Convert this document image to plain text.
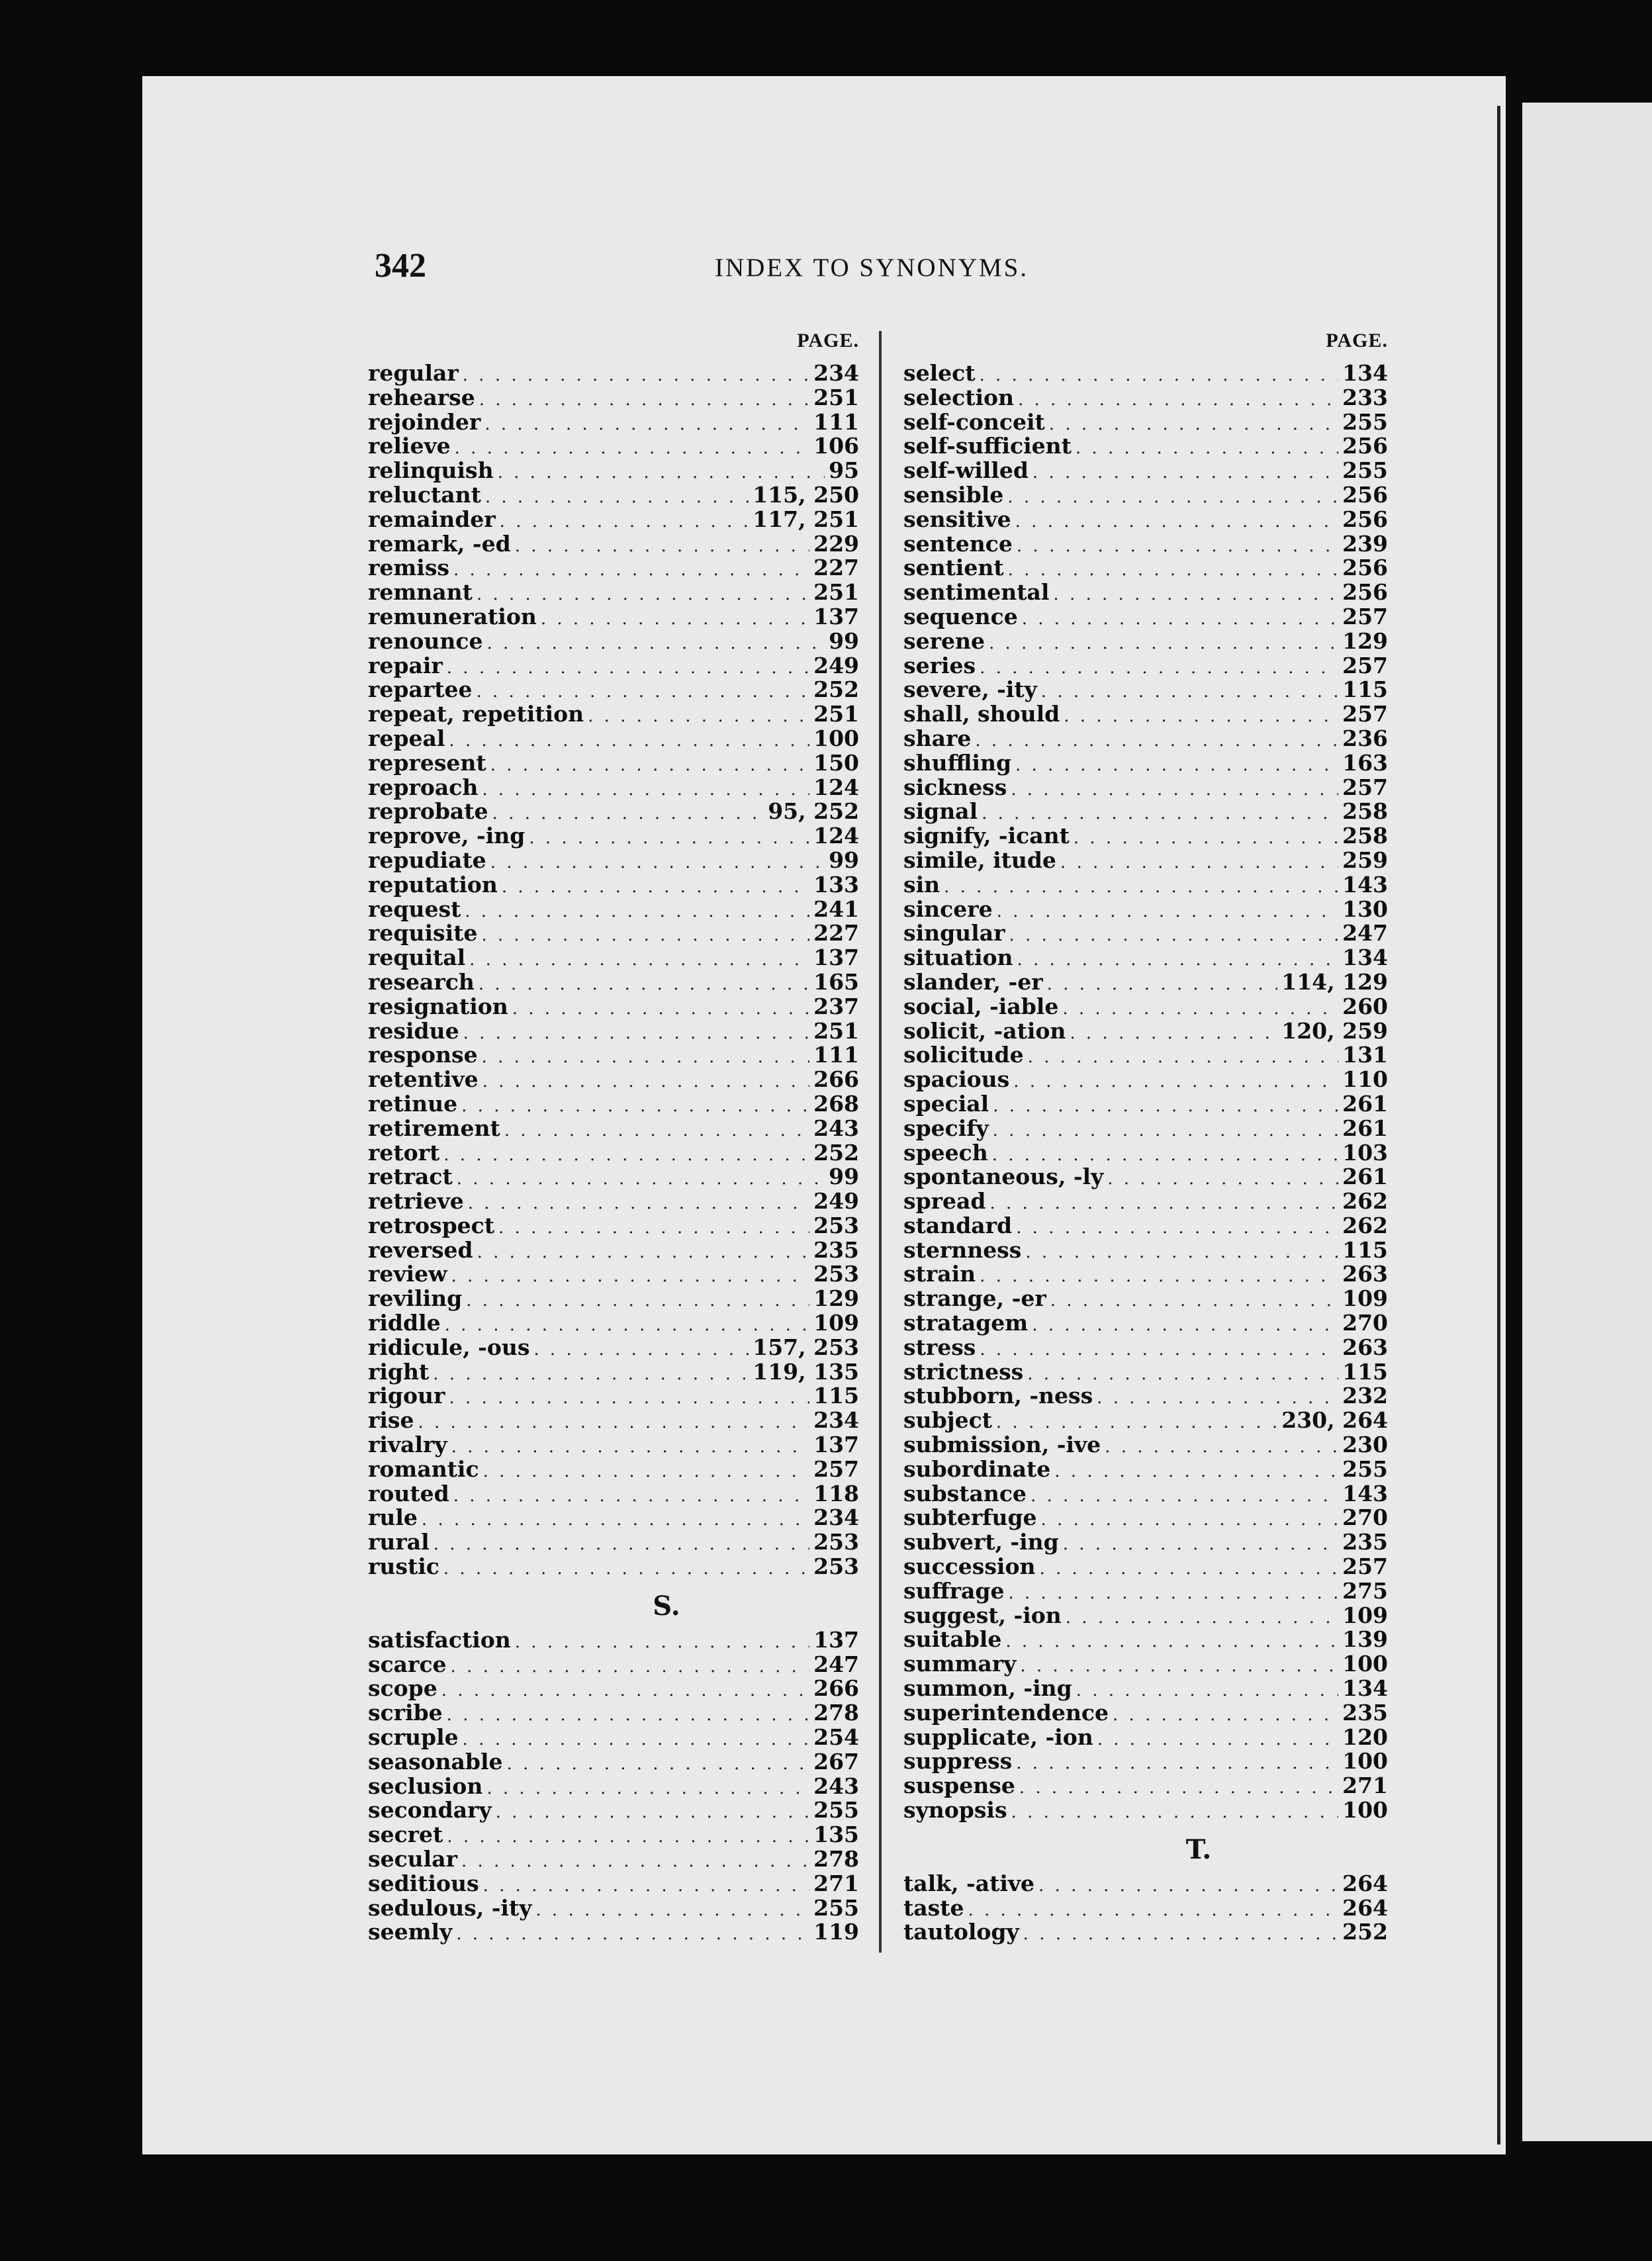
342	INDEX TO SYNONYMS.
PAGE.
regular . . .	234
rehearse . . .	251
rejoinder . . .	111
relieve . . .	106
relinquish . . .	95
reluctant . . .	115, 250
remainder . . .	117, 251
remark, -ed . . .	229
remiss . . .	227
remnant . . .	251
remuneration . . .	137
renounce . . .	99
repair . . .	249
repartee . . .	252
repeat, repetition . . .	251
repeal . . .	100
represent . . .	150
reproach . . .	124
reprobate . . .	95, 252
reprove, -ing . . .	124
repudiate . . .	99
reputation . . .	133
request . . .	241
requisite . . .	227
requital . . .	137
research . . .	165
resignation . . .	237
residue . . .	251
response . . .	111
retentive . . .	266
retinue . . .	268
retirement . . .	243
retort . . .	252
retract . . .	99
retrieve . . .	249
retrospect . . .	253
reversed . . .	235
review . . .	253
reviling . . .	129
riddle . . .	109
ridicule, -ous . . .	157, 253
right . . .	119, 135
rigour . . .	115
rise . . .	234
rivalry . . .	137
romantic . . .	257
routed . . .	118
rule . . .	234
rural . . .	253
rustic . . .	253
S.
satisfaction . . .	137
scarce . . .	247
scope . . .	266
scribe . . .	278
scruple . . .	254
seasonable . . .	267
seclusion . . .	243
secondary . . .	255
secret . . .	135
secular . . .	278
seditious . . .	271
sedulous, -ity . . .	255
seemly . . .	119
PAGE.
select . . .	134
selection . . .	233
self-conceit . . .	255
self-sufficient . . .	256
self-willed . . .	255
sensible . . .	256
sensitive . . .	256
sentence . . .	239
sentient . . .	256
sentimental . . .	256
sequence . . .	257
serene . . .	129
series . . .	257
severe, -ity . . .	115
shall, should . . .	257
share . . .	236
shuffling . . .	163
sickness . . .	257
signal . . .	258
signify, -icant . . .	258
simile, itude . . .	259
sin . . .	143
sincere . . .	130
singular . . .	247
situation . . .	134
slander, -er . . .	114, 129
social, -iable . . .	260
solicit, -ation . . .	120, 259
solicitude . . .	131
spacious . . .	110
special . . .	261
specify . . .	261
speech . . .	103
spontaneous, -ly . . .	261
spread . . .	262
standard . . .	262
sternness . . .	115
strain . . .	263
strange, -er . . .	109
stratagem . . .	270
stress . . .	263
strictness . . .	115
stubborn, -ness . . .	232
subject . . .	230, 264
submission, -ive . . .	230
subordinate . . .	255
substance . . .	143
subterfuge . . .	270
subvert, -ing . . .	235
succession . . .	257
suffrage . . .	275
suggest, -ion . . .	109
suitable . . .	139
summary . . .	100
summon, -ing . . .	134
superintendence . . .	235
supplicate, -ion . . .	120
suppress . . .	100
suspense . . .	271
synopsis . . .	100
T.
talk, -ative . . .	264
taste . . .	264
tautology . . .	252
